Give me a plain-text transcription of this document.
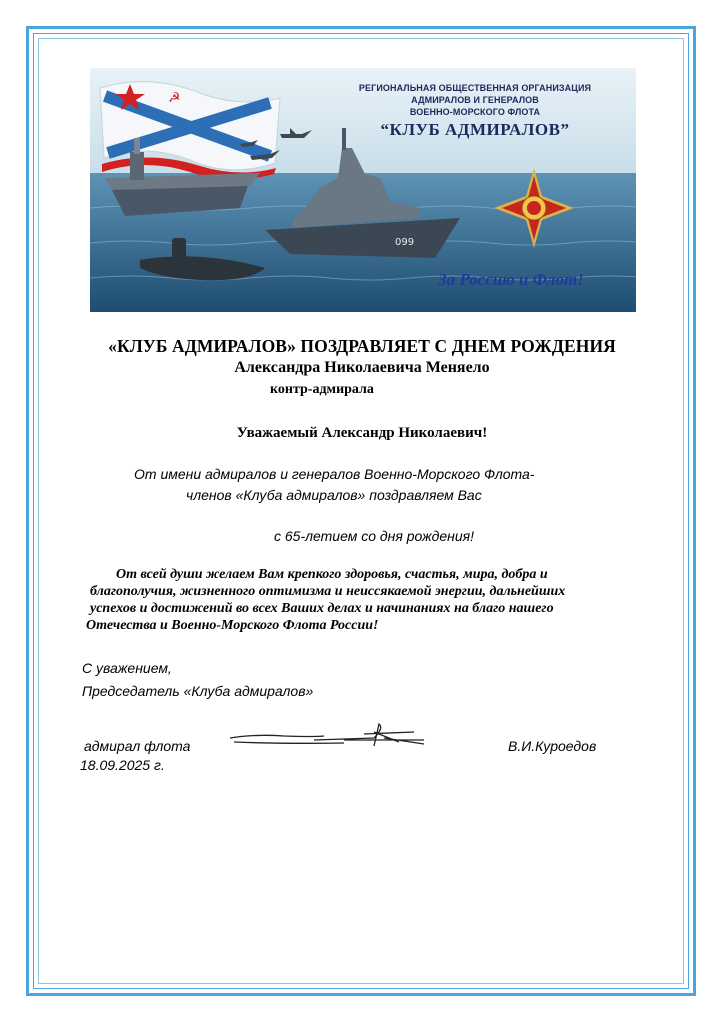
☭
099
РЕГИОНАЛЬНАЯ ОБЩЕСТВЕННАЯ ОРГАНИЗАЦИЯ
АДМИРАЛОВ И ГЕНЕРАЛОВ
ВОЕННО-МОРСКОГО ФЛОТА
“КЛУБ АДМИРАЛОВ”
За Россию и Флот!
«КЛУБ АДМИРАЛОВ» ПОЗДРАВЛЯЕТ С ДНЕМ РОЖДЕНИЯ
Александра Николаевича Меняело
контр-адмирала
Уважаемый Александр Николаевич!
От имени адмиралов и генералов Военно-Морского Флота-
членов «Клуба адмиралов» поздравляем Вас
с 65-летием со дня рождения!
От всей души желаем Вам крепкого здоровья, счастья, мира, добра и
благополучия, жизненного оптимизма и неиссякаемой энергии, дальнейших
успехов и достижений во всех Ваших делах и начинаниях на благо нашего
Отечества и Военно-Морского Флота России!
С уважением,
Председатель «Клуба адмиралов»
адмирал флота	В.И.Куроедов
18.09.2025 г.
